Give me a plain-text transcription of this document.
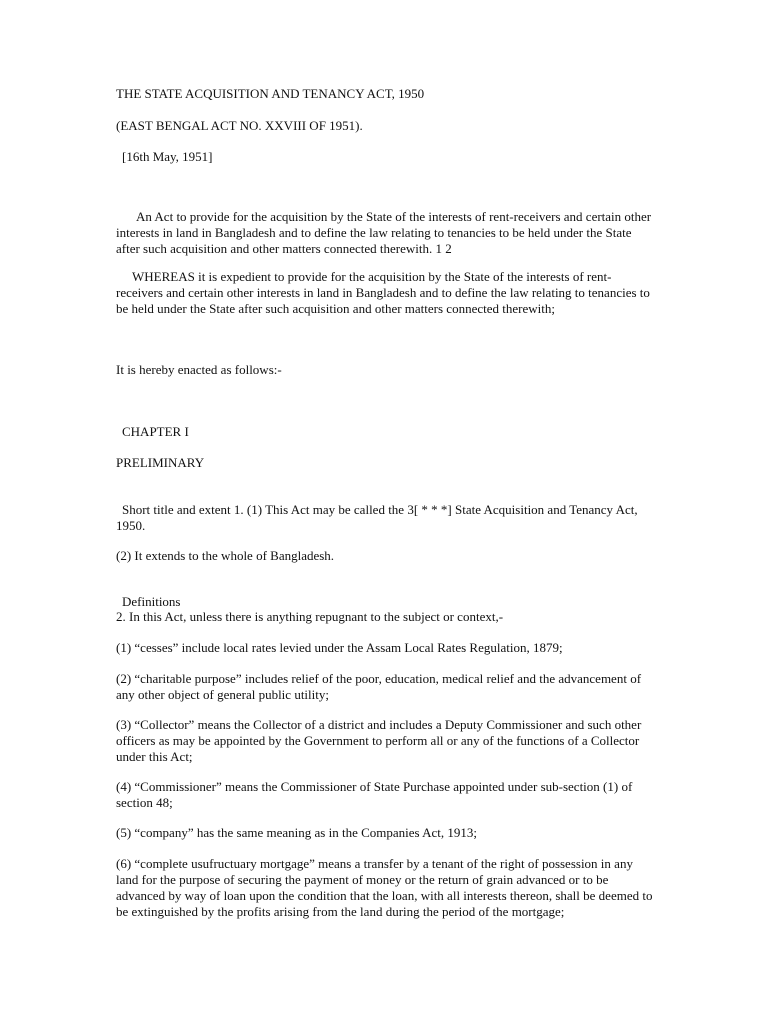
THE STATE ACQUISITION AND TENANCY ACT, 1950

(EAST BENGAL ACT NO. XXVIII OF 1951).

[16th May, 1951]

An Act to provide for the acquisition by the State of the interests of rent-receivers and certain other interests in land in Bangladesh and to define the law relating to tenancies to be held under the State after such acquisition and other matters connected therewith. 1 2

WHEREAS it is expedient to provide for the acquisition by the State of the interests of rent-receivers and certain other interests in land in Bangladesh and to define the law relating to tenancies to be held under the State after such acquisition and other matters connected therewith;

It is hereby enacted as follows:-

CHAPTER I

PRELIMINARY

Short title and extent 1. (1) This Act may be called the 3[ * * *] State Acquisition and Tenancy Act, 1950.

(2) It extends to the whole of Bangladesh.

Definitions

2. In this Act, unless there is anything repugnant to the subject or context,-

(1) “cesses” include local rates levied under the Assam Local Rates Regulation, 1879;

(2) “charitable purpose” includes relief of the poor, education, medical relief and the advancement of any other object of general public utility;

(3) “Collector” means the Collector of a district and includes a Deputy Commissioner and such other officers as may be appointed by the Government to perform all or any of the functions of a Collector under this Act;

(4) “Commissioner” means the Commissioner of State Purchase appointed under sub-section (1) of section 48;

(5) “company” has the same meaning as in the Companies Act, 1913;

(6) “complete usufructuary mortgage” means a transfer by a tenant of the right of possession in any land for the purpose of securing the payment of money or the return of grain advanced or to be advanced by way of loan upon the condition that the loan, with all interests thereon, shall be deemed to be extinguished by the profits arising from the land during the period of the mortgage;
